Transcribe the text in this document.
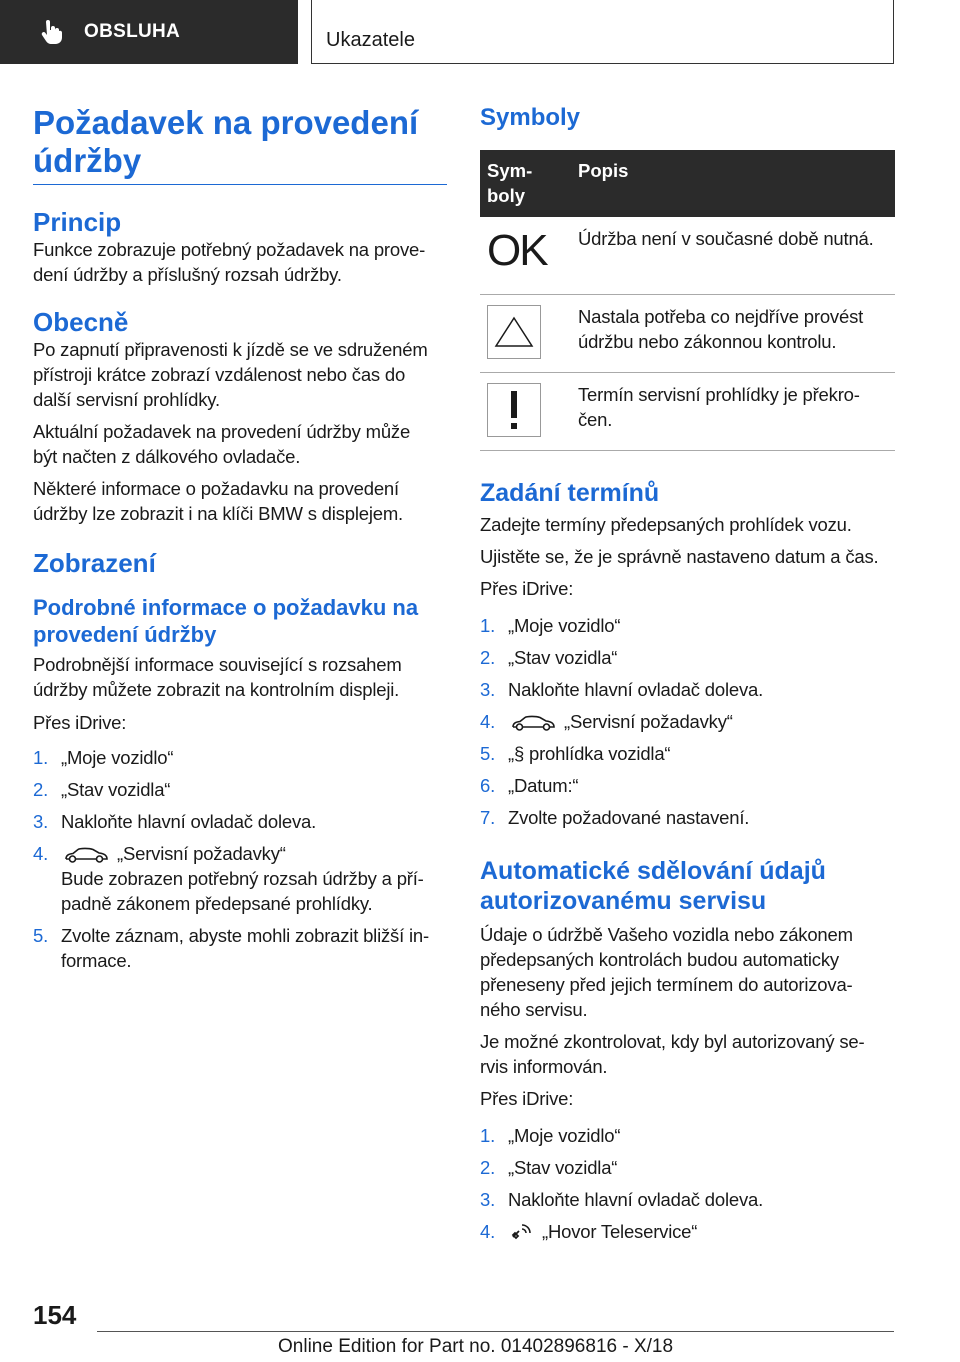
OBSLUHA	Ukazatele
Požadavek na provedení
údržby
Princip

Funkce zobrazuje potřebný požadavek na prove-

dení údržby a příslušný rozsah údržby.

Obecně

Po zapnutí připravenosti k jízdě se ve sdruženém

přístroji krátce zobrazí vzdálenost nebo čas do

další servisní prohlídky.

Aktuální požadavek na provedení údržby může

být načten z dálkového ovladače.

Některé informace o požadavku na provedení

údržby lze zobrazit i na klíči BMW s displejem.

Zobrazení
Podrobné informace o požadavku na
provedení údržby

Podrobnější informace související s rozsahem

údržby můžete zobrazit na kontrolním displeji.

Přes iDrive:

1. „Moje vozidlo“
2. „Stav vozidla“
3. Nakloňte hlavní ovladač doleva.
4.	„Servisní požadavky“
Bude zobrazen potřebný rozsah údržby a pří-
padně zákonem předepsané prohlídky.
5. Zvolte záznam, abyste mohli zobrazit bližší in-
formace.
Symboly
Sym-
boly	Popis

OK	Údržba není v současné době nutná.

Nastala potřeba co nejdříve provést
údržbu nebo zákonnou kontrolu.

Termín servisní prohlídky je překro-
čen.
Zadání termínů

Zadejte termíny předepsaných prohlídek vozu.

Ujistěte se, že je správně nastaveno datum a čas.

Přes iDrive:

1. „Moje vozidlo“
2. „Stav vozidla“
3. Nakloňte hlavní ovladač doleva.
4.	„Servisní požadavky“
5. „§ prohlídka vozidla“
6. „Datum:“
7. Zvolte požadované nastavení.
Automatické sdělování údajů
autorizovanému servisu

Údaje o údržbě Vašeho vozidla nebo zákonem

předepsaných kontrolách budou automaticky

přeneseny před jejich termínem do autorizova-

ného servisu.

Je možné zkontrolovat, kdy byl autorizovaný se-

rvis informován.

Přes iDrive:

1. „Moje vozidlo“
2. „Stav vozidla“
3. Nakloňte hlavní ovladač doleva.
4.	„Hovor Teleservice“
154
Online Edition for Part no. 01402896816 - X/18
